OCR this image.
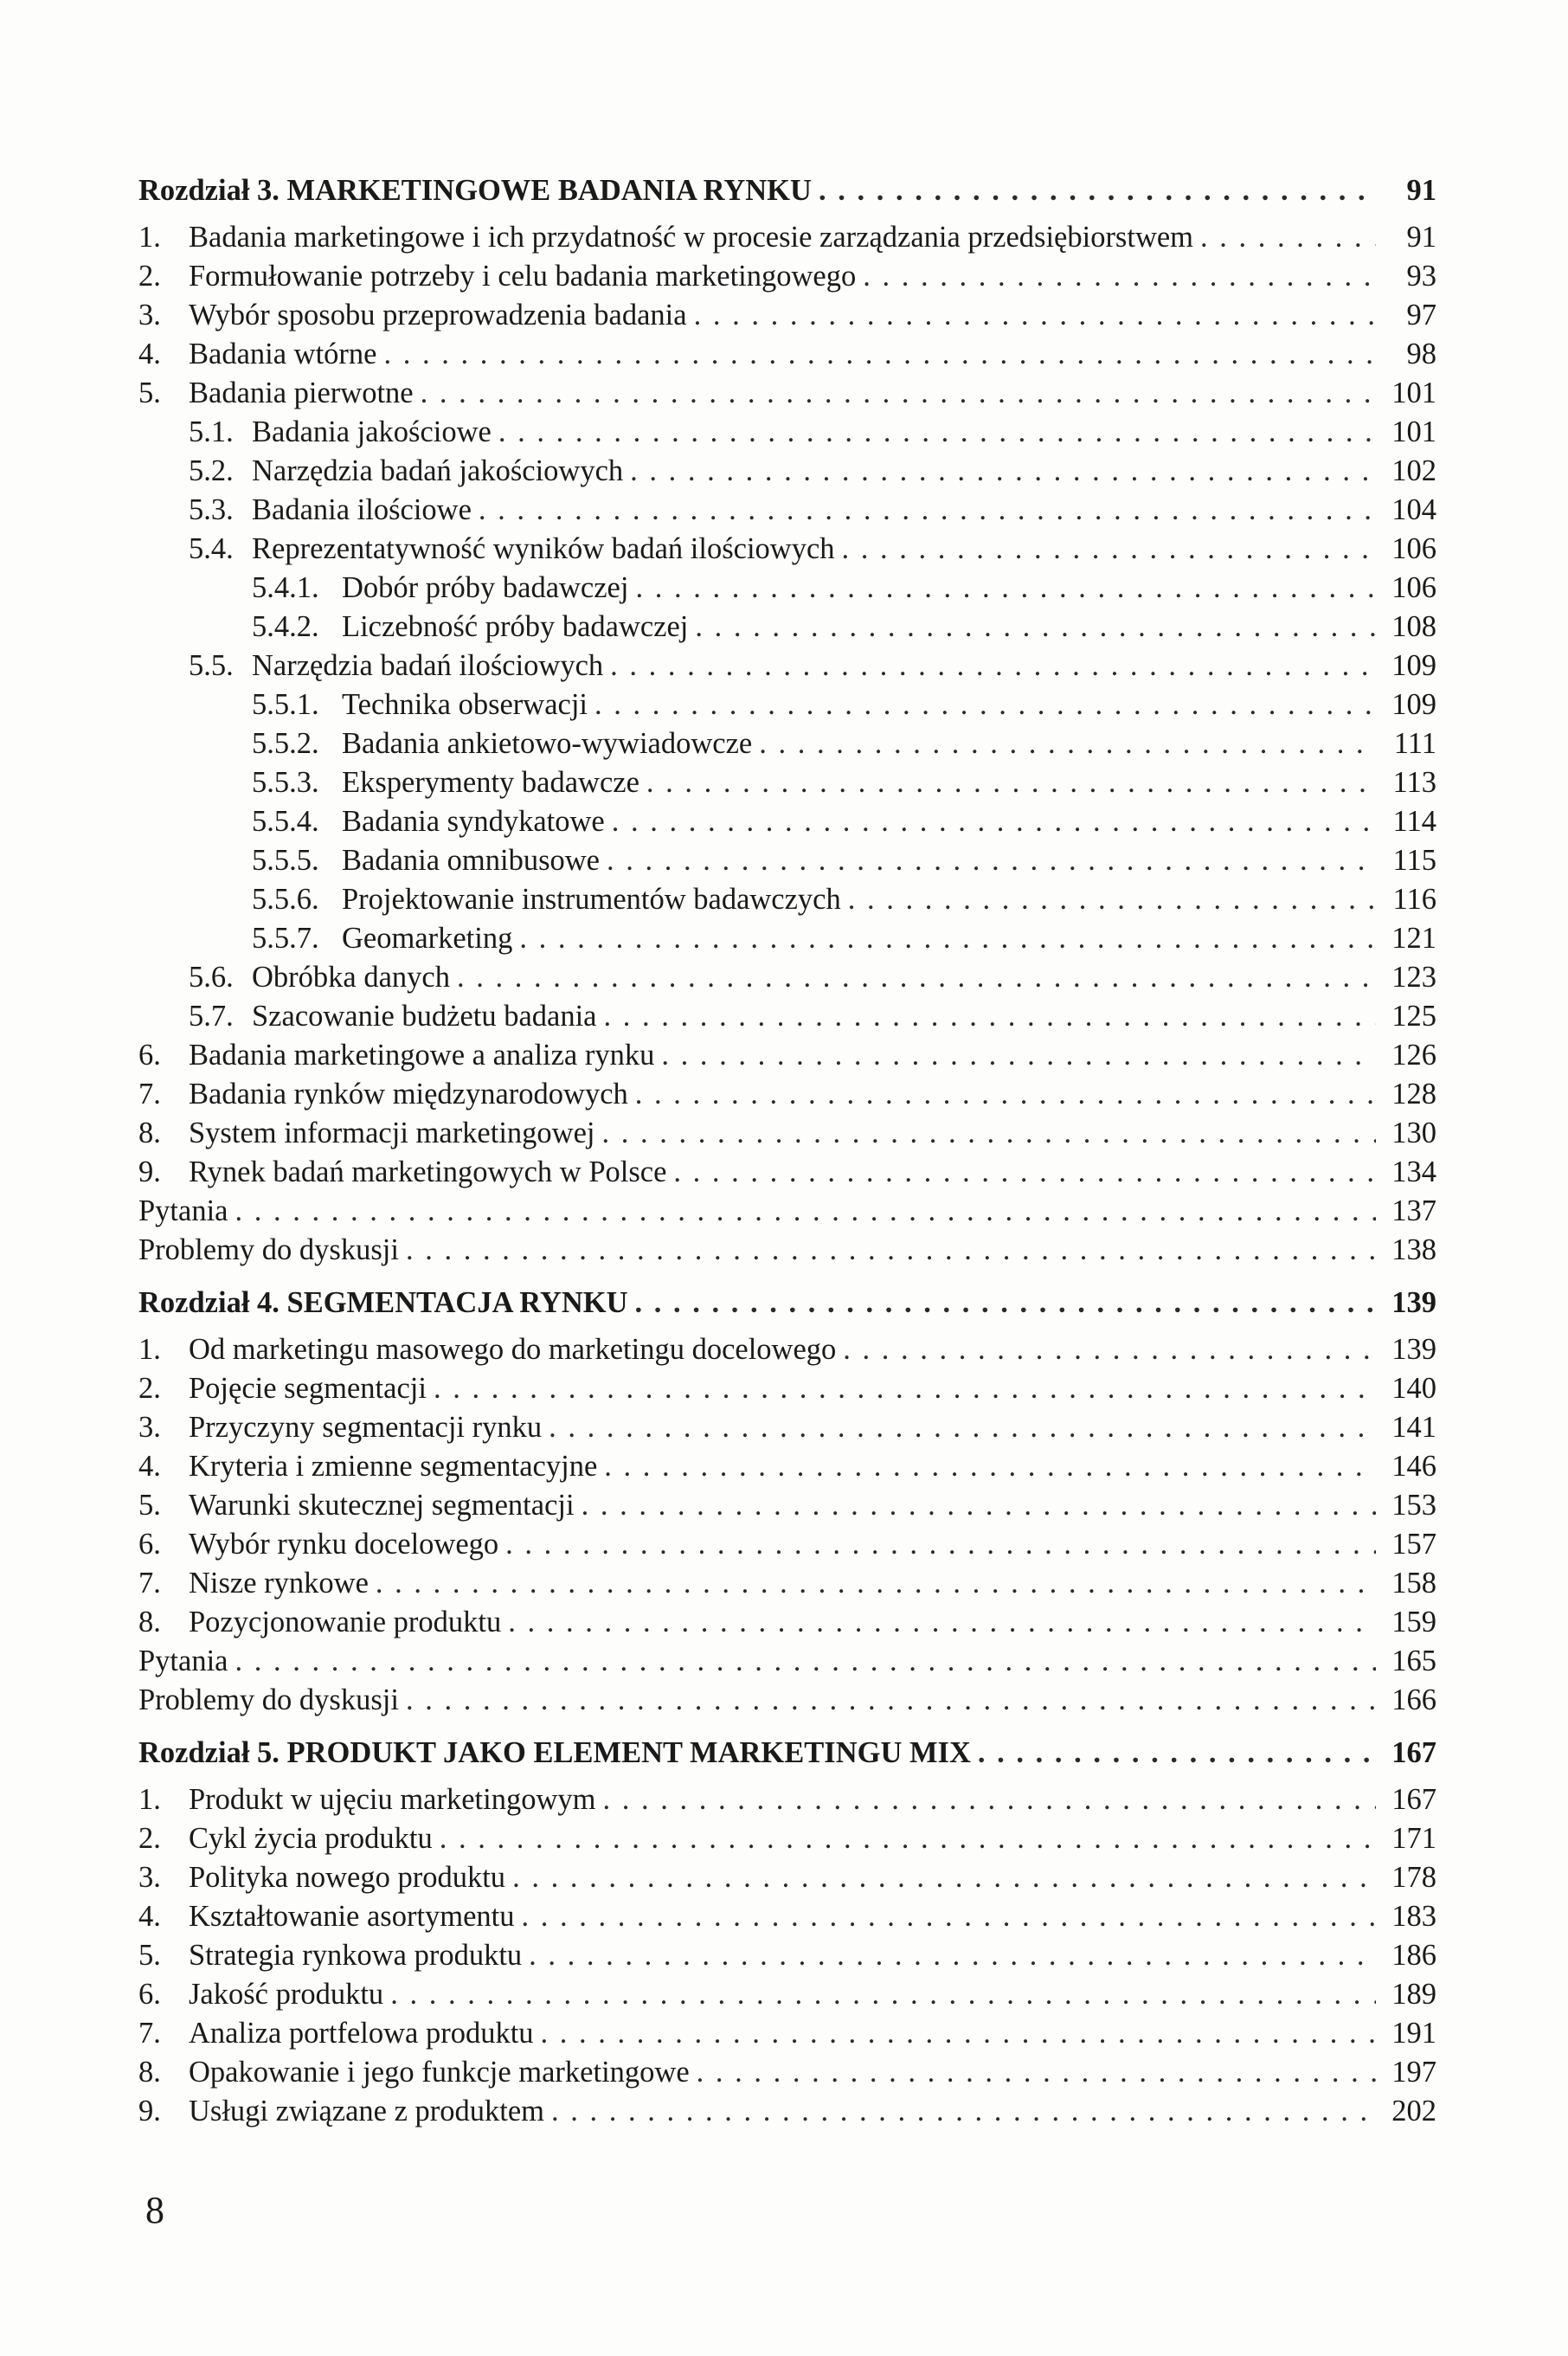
Rozdział 3. MARKETINGOWE BADANIA RYNKU . . .	91
1. Badania marketingowe i ich przydatność w procesie zarządzania przedsiębiorstwem . . .	91
2. Formułowanie potrzeby i celu badania marketingowego . . .	93
3. Wybór sposobu przeprowadzenia badania . . .	97
4. Badania wtórne . . .	98
5. Badania pierwotne . . .	101
5.1. Badania jakościowe . . .	101
5.2. Narzędzia badań jakościowych . . .	102
5.3. Badania ilościowe . . .	104
5.4. Reprezentatywność wyników badań ilościowych . . .	106
5.4.1. Dobór próby badawczej . . .	106
5.4.2. Liczebność próby badawczej . . .	108
5.5. Narzędzia badań ilościowych . . .	109
5.5.1. Technika obserwacji . . .	109
5.5.2. Badania ankietowo-wywiadowcze . . .	111
5.5.3. Eksperymenty badawcze . . .	113
5.5.4. Badania syndykatowe . . .	114
5.5.5. Badania omnibusowe . . .	115
5.5.6. Projektowanie instrumentów badawczych . . .	116
5.5.7. Geomarketing . . .	121
5.6. Obróbka danych . . .	123
5.7. Szacowanie budżetu badania . . .	125
6. Badania marketingowe a analiza rynku . . .	126
7. Badania rynków międzynarodowych . . .	128
8. System informacji marketingowej . . .	130
9. Rynek badań marketingowych w Polsce . . .	134
Pytania . . .	137
Problemy do dyskusji . . .	138
Rozdział 4. SEGMENTACJA RYNKU . . .	139
1. Od marketingu masowego do marketingu docelowego . . .	139
2. Pojęcie segmentacji . . .	140
3. Przyczyny segmentacji rynku . . .	141
4. Kryteria i zmienne segmentacyjne . . .	146
5. Warunki skutecznej segmentacji . . .	153
6. Wybór rynku docelowego . . .	157
7. Nisze rynkowe . . .	158
8. Pozycjonowanie produktu . . .	159
Pytania . . .	165
Problemy do dyskusji . . .	166
Rozdział 5. PRODUKT JAKO ELEMENT MARKETINGU MIX . . .	167
1. Produkt w ujęciu marketingowym . . .	167
2. Cykl życia produktu . . .	171
3. Polityka nowego produktu . . .	178
4. Kształtowanie asortymentu . . .	183
5. Strategia rynkowa produktu . . .	186
6. Jakość produktu . . .	189
7. Analiza portfelowa produktu . . .	191
8. Opakowanie i jego funkcje marketingowe . . .	197
9. Usługi związane z produktem . . .	202
8
